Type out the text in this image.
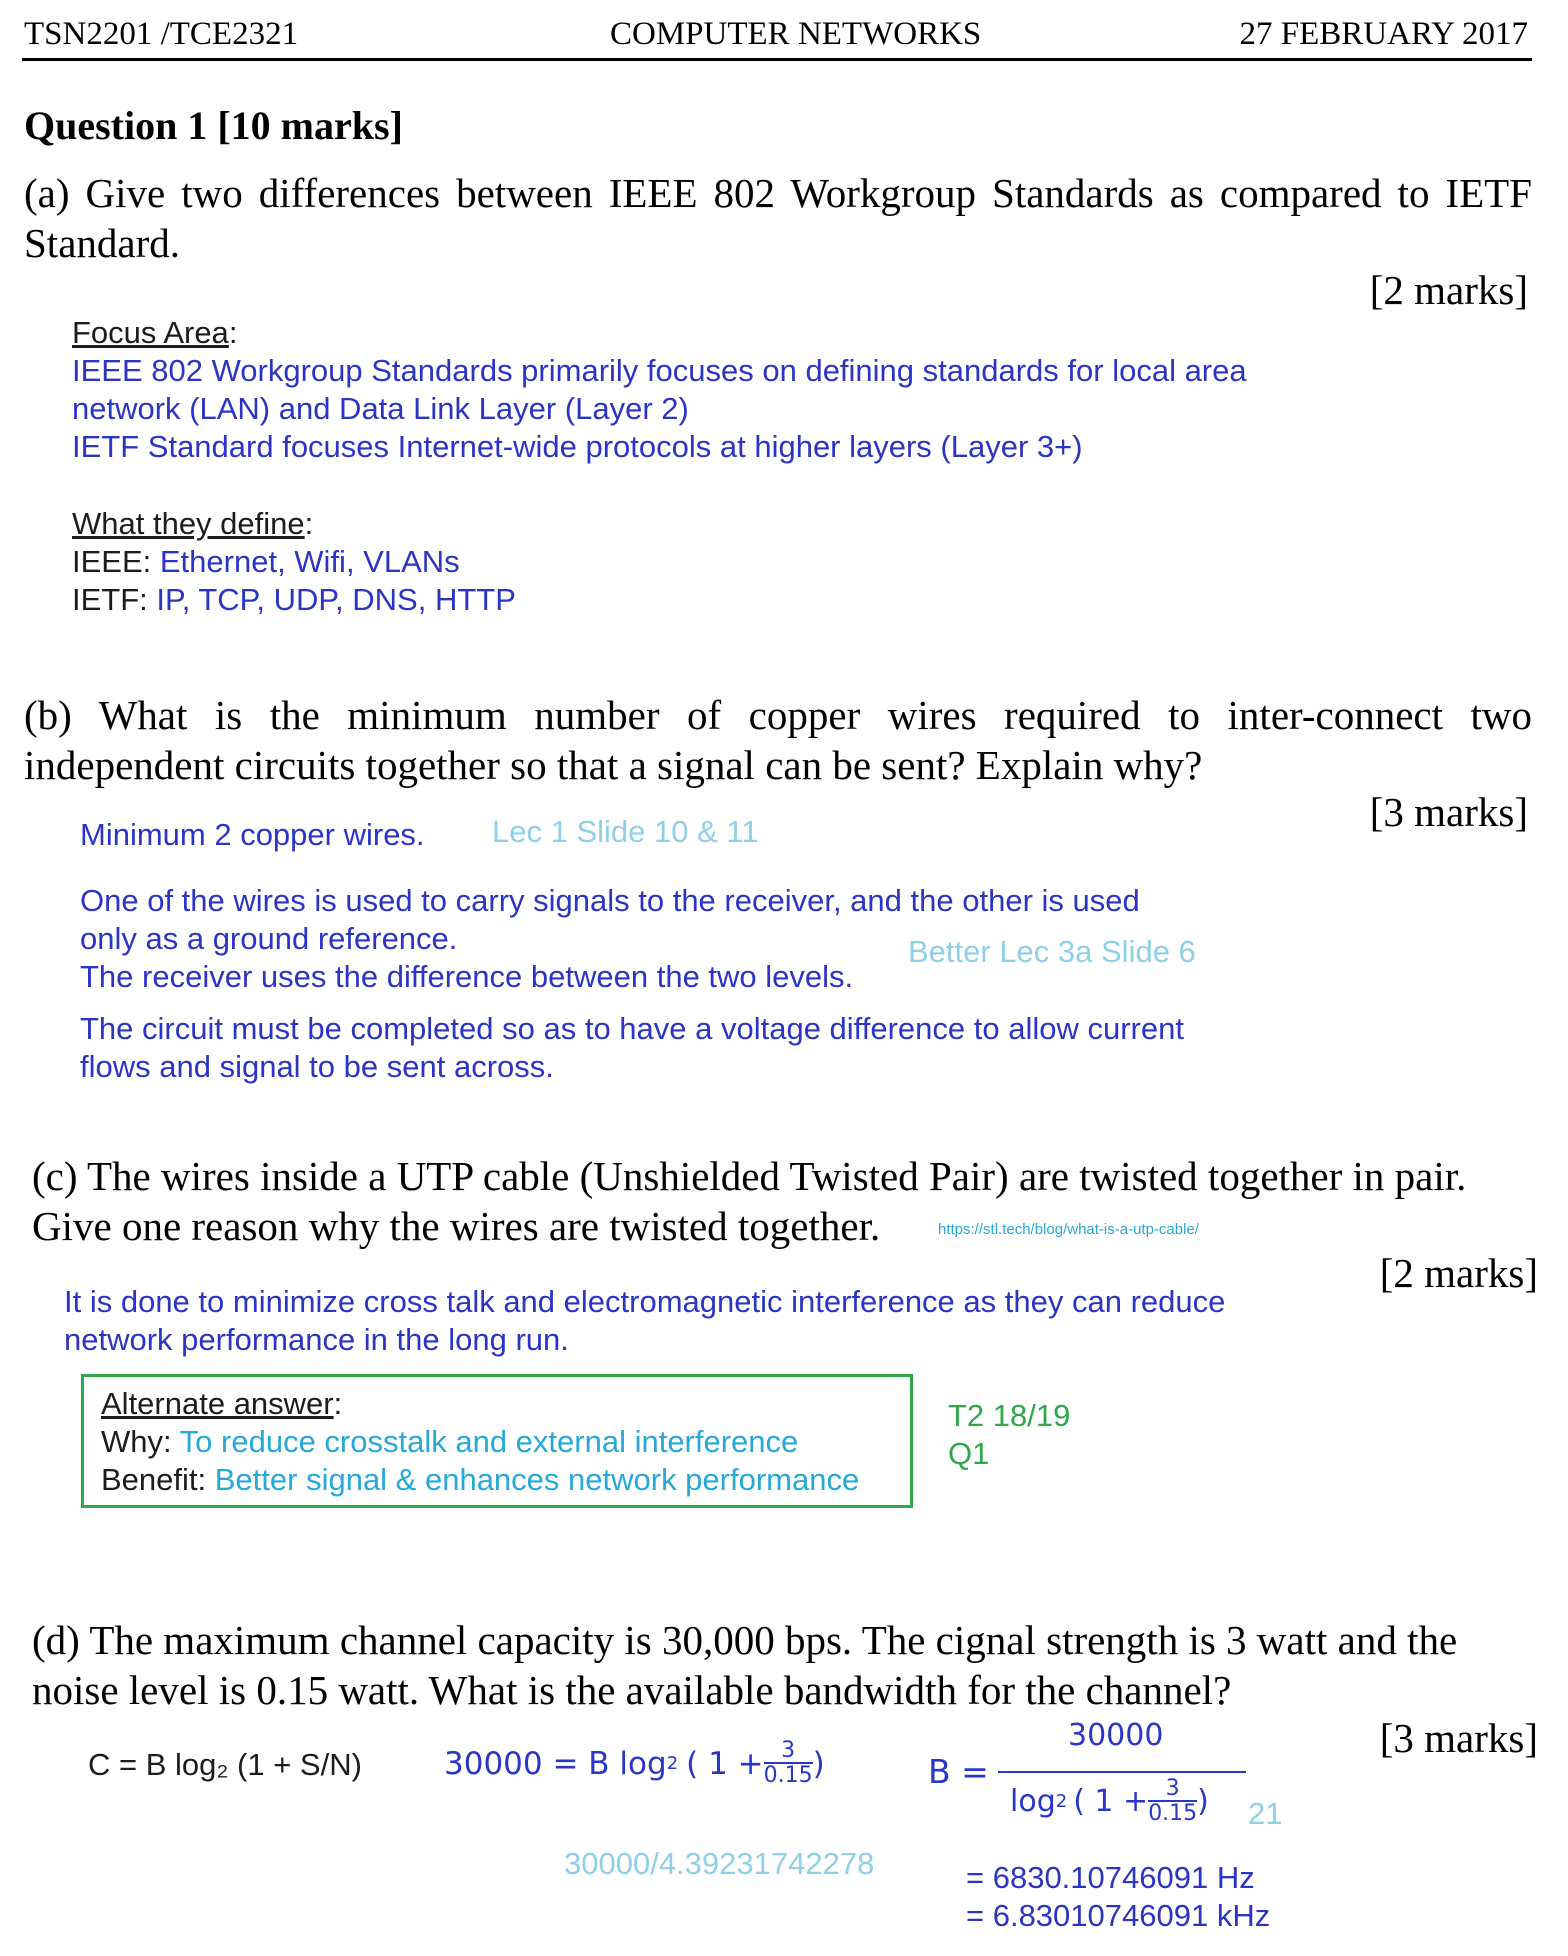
TSN2201 /TCE2321	COMPUTER NETWORKS	27 FEBRUARY 2017
Question 1 [10 marks]
(a) Give two differences between IEEE 802 Workgroup Standards as compared to IETF Standard.
[2 marks]
Focus Area:
IEEE 802 Workgroup Standards primarily focuses on defining standards for local area
network (LAN) and Data Link Layer (Layer 2)
IETF Standard focuses Internet-wide protocols at higher layers (Layer 3+)
What they define:
IEEE: Ethernet, Wifi, VLANs
IETF: IP, TCP, UDP, DNS, HTTP
(b) What is the minimum number of copper wires required to inter-connect two independent circuits together so that a signal can be sent? Explain why?
[3 marks]
Minimum 2 copper wires. Lec 1 Slide 10 & 11
One of the wires is used to carry signals to the receiver, and the other is used
only as a ground reference.
The receiver uses the difference between the two levels.
Better Lec 3a Slide 6
The circuit must be completed so as to have a voltage difference to allow current
flows and signal to be sent across.
(c) The wires inside a UTP cable (Unshielded Twisted Pair) are twisted together in pair.
Give one reason why the wires are twisted together.	https://stl.tech/blog/what-is-a-utp-cable/
[2 marks]
It is done to minimize cross talk and electromagnetic interference as they can reduce
network performance in the long run.
Alternate answer:
Why: To reduce crosstalk and external interference
Benefit: Better signal & enhances network performance
T2 18/19
Q1
(d) The maximum channel capacity is 30,000 bps. The cignal strength is 3 watt and the
noise level is 0.15 watt. What is the available bandwidth for the channel?
[3 marks]
C = B log₂ (1 + S/N)	30000 = B log 2 ( $1 + \frac{3}{0.15}$ )	B =
30000
log 2 ( $1 + \frac{3}{0.15}$ ) 21
30000/4.39231742278	= 6830.10746091 Hz
= 6.83010746091 kHz
